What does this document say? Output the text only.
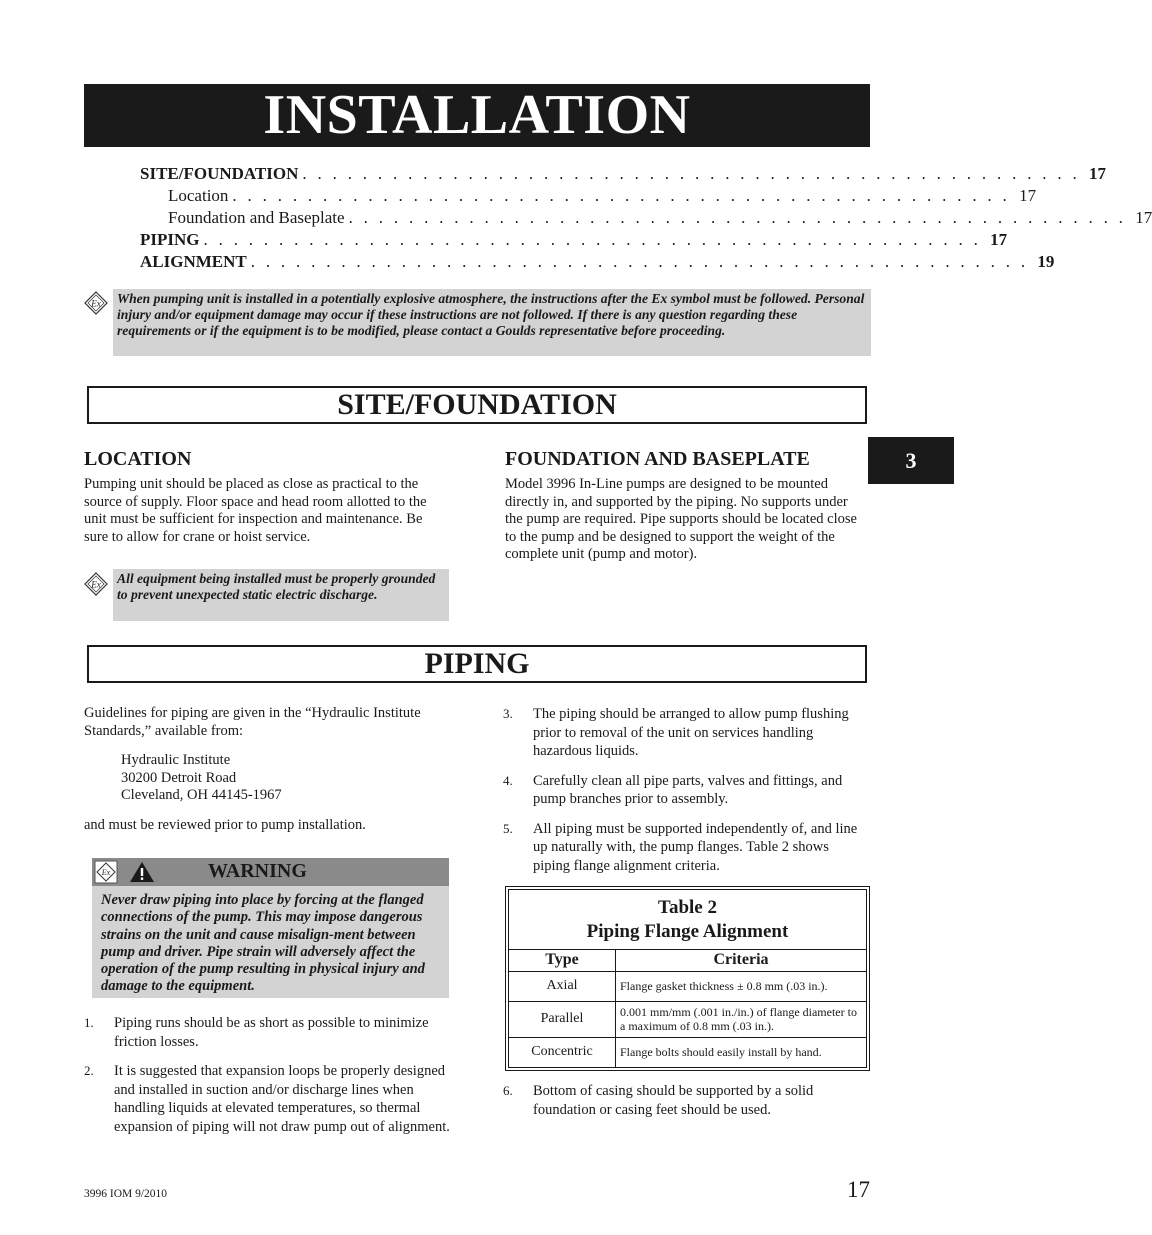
INSTALLATION
SITE/FOUNDATION . . . . . . . . . . . . . . . . . . . . . . . . . . . . . . . . . . . . . . . . . . . . . . . . . . . . 17
Location . . . . . . . . . . . . . . . . . . . . . . . . . . . . . . . . . . . . . . . . . . . . . . . . . . . . 17
Foundation and Baseplate . . . . . . . . . . . . . . . . . . . . . . . . . . . . . . . . . . . . . . . . . . . . . . . . . . . . 17
PIPING . . . . . . . . . . . . . . . . . . . . . . . . . . . . . . . . . . . . . . . . . . . . . . . . . . . . 17
ALIGNMENT . . . . . . . . . . . . . . . . . . . . . . . . . . . . . . . . . . . . . . . . . . . . . . . . . . . . 19
Ex When pumping unit is installed in a potentially explosive atmosphere, the instructions after the Ex symbol must be followed. Personal injury and/or equipment damage may occur if these instructions are not followed. If there is any question regarding these requirements or if the equipment is to be modified, please contact a Goulds representative before proceeding.
SITE/FOUNDATION
3
LOCATION
Pumping unit should be placed as close as practical to the source of supply. Floor space and head room allotted to the unit must be sufficient for inspection and maintenance. Be sure to allow for crane or hoist service.
Ex All equipment being installed must be properly grounded to prevent unexpected static electric discharge.
FOUNDATION AND BASEPLATE
Model 3996 In-Line pumps are designed to be mounted directly in, and supported by the piping. No supports under the pump are required. Pipe supports should be located close to the pump and be designed to support the weight of the complete unit (pump and motor).
PIPING
Guidelines for piping are given in the “Hydraulic Institute Standards,” available from:
Hydraulic Institute
30200 Detroit Road
Cleveland, OH 44145-1967
and must be reviewed prior to pump installation.
Ex	WARNING
Never draw piping into place by forcing at the flanged connections of the pump. This may impose dangerous strains on the unit and cause misalign-ment between pump and driver. Pipe strain will adversely affect the operation of the pump resulting in physical injury and damage to the equipment.
1.	Piping runs should be as short as possible to minimize friction losses.
2.	It is suggested that expansion loops be properly designed and installed in suction and/or discharge lines when handling liquids at elevated temperatures, so thermal expansion of piping will not draw pump out of alignment.
3.	The piping should be arranged to allow pump flushing prior to removal of the unit on services handling hazardous liquids.
4.	Carefully clean all pipe parts, valves and fittings, and pump branches prior to assembly.
5.	All piping must be supported independently of, and line up naturally with, the pump flanges. Table 2 shows piping flange alignment criteria.
Table 2
Piping Flange Alignment
Type	Criteria
Axial	Flange gasket thickness ± 0.8 mm (.03 in.).
Parallel	0.001 mm/mm (.001 in./in.) of flange diameter to a maximum of 0.8 mm (.03 in.).
Concentric	Flange bolts should easily install by hand.
6.	Bottom of casing should be supported by a solid foundation or casing feet should be used.
3996 IOM 9/2010	17
